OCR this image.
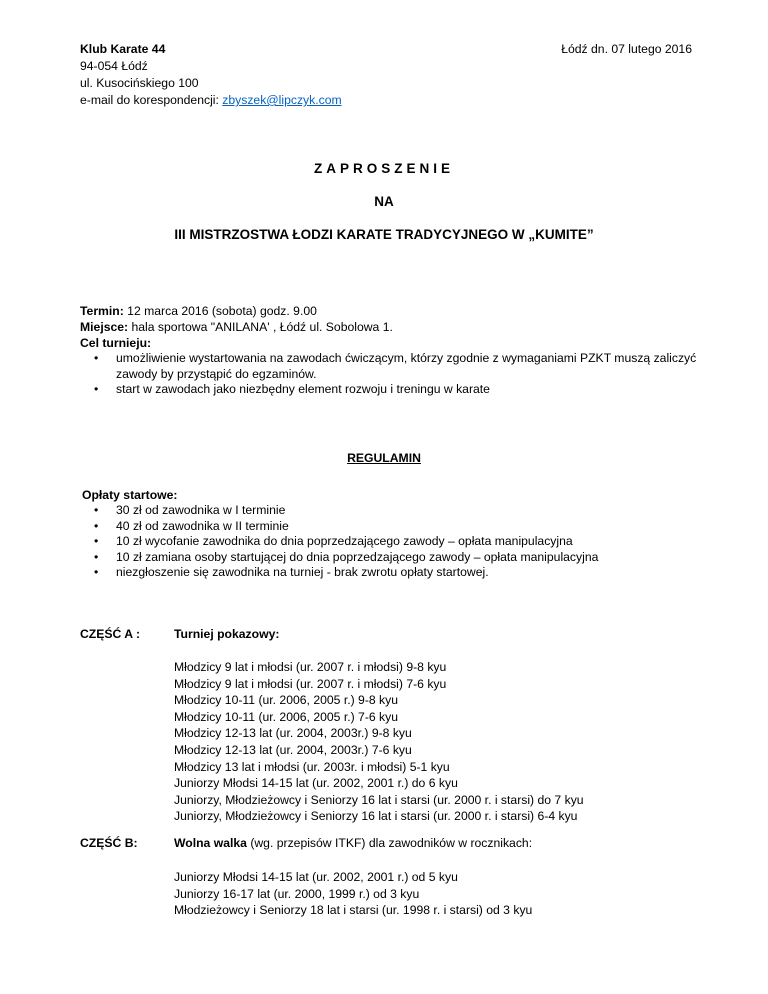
Klub Karate 44
94-054 Łódź
ul. Kusocińskiego 100
e-mail do korespondencji: zbyszek@lipczyk.com
Łódź dn. 07 lutego 2016
ZAPROSZENIE
NA
III MISTRZOSTWA ŁODZI KARATE TRADYCYJNEGO W „KUMITE”
Termin: 12 marca 2016 (sobota) godz. 9.00
Miejsce: hala sportowa "ANILANA' , Łódź ul. Sobolowa 1.
Cel turnieju:
• umożliwienie wystartowania na zawodach ćwiczącym, którzy zgodnie z wymaganiami PZKT muszą zaliczyć zawody by przystąpić do egzaminów.
• start w zawodach jako niezbędny element rozwoju i treningu w karate
REGULAMIN
Opłaty startowe:
• 30 zł od zawodnika w I terminie
• 40 zł od zawodnika w II terminie
• 10 zł wycofanie zawodnika do dnia poprzedzającego zawody – opłata manipulacyjna
• 10 zł zamiana osoby startującej do dnia poprzedzającego zawody – opłata manipulacyjna
• niezgłoszenie się zawodnika na turniej - brak zwrotu opłaty startowej.
CZĘŚĆ A :	Turniej pokazowy:
Młodzicy 9 lat i młodsi (ur. 2007 r. i młodsi) 9-8 kyu
Młodzicy 9 lat i młodsi (ur. 2007 r. i młodsi) 7-6 kyu
Młodzicy 10-11 (ur. 2006, 2005 r.) 9-8 kyu
Młodzicy 10-11 (ur. 2006, 2005 r.) 7-6 kyu
Młodzicy 12-13 lat (ur. 2004, 2003r.) 9-8 kyu
Młodzicy 12-13 lat (ur. 2004, 2003r.) 7-6 kyu
Młodzicy 13 lat i młodsi (ur. 2003r. i młodsi) 5-1 kyu
Juniorzy Młodsi 14-15 lat (ur. 2002, 2001 r.) do 6 kyu
Juniorzy, Młodzieżowcy i Seniorzy 16 lat i starsi (ur. 2000 r. i starsi) do 7 kyu
Juniorzy, Młodzieżowcy i Seniorzy 16 lat i starsi (ur. 2000 r. i starsi) 6-4 kyu
CZĘŚĆ B:	Wolna walka (wg. przepisów ITKF) dla zawodników w rocznikach:
Juniorzy Młodsi 14-15 lat (ur. 2002, 2001 r.) od 5 kyu
Juniorzy 16-17 lat (ur. 2000, 1999 r.) od 3 kyu
Młodzieżowcy i Seniorzy 18 lat i starsi (ur. 1998 r. i starsi) od 3 kyu
